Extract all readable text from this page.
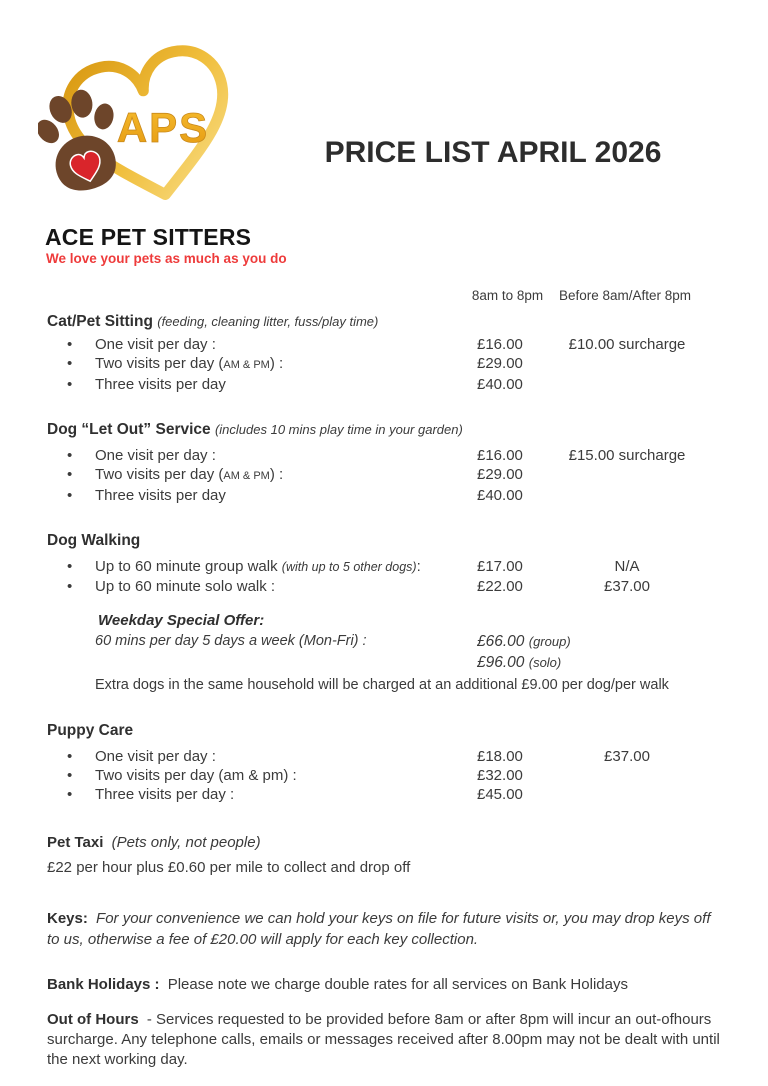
APS
ACE PET SITTERS
We love your pets as much as you do
PRICE LIST APRIL 2026
8am to 8pm	Before 8am/After 8pm
Cat/Pet Sitting (feeding, cleaning litter, fuss/play time)
• One visit per day :	£16.00	£10.00 surcharge
• Two visits per day (AM & PM) :	£29.00
• Three visits per day	£40.00
Dog “Let Out” Service (includes 10 mins play time in your garden)
• One visit per day :	£16.00	£15.00 surcharge
• Two visits per day (AM & PM) :	£29.00
• Three visits per day	£40.00
Dog Walking
• Up to 60 minute group walk (with up to 5 other dogs):	£17.00	N/A
• Up to 60 minute solo walk :	£22.00	£37.00
Weekday Special Offer:
60 mins per day 5 days a week (Mon-Fri) :	£66.00 (group)
£96.00 (solo)
Extra dogs in the same household will be charged at an additional £9.00 per dog/per walk
Puppy Care
• One visit per day :	£18.00	£37.00
• Two visits per day (am & pm) :	£32.00
• Three visits per day :	£45.00

Pet Taxi (Pets only, not people)

£22 per hour plus £0.60 per mile to collect and drop off

Keys: For your convenience we can hold your keys on file for future visits or, you may drop keys off to us, otherwise a fee of £20.00 will apply for each key collection.

Bank Holidays : Please note we charge double rates for all services on Bank Holidays

Out of Hours - Services requested to be provided before 8am or after 8pm will incur an out-ofhours surcharge. Any telephone calls, emails or messages received after 8.00pm may not be dealt with until the next working day.
